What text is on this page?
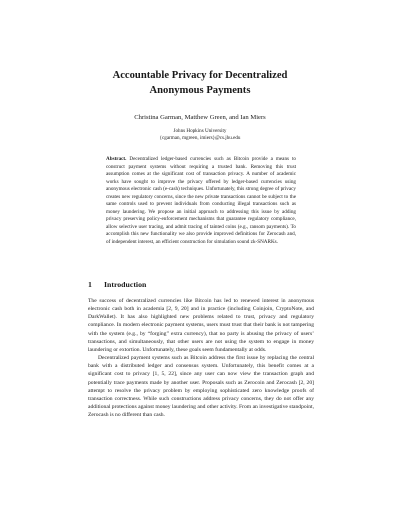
Accountable Privacy for Decentralized
Anonymous Payments
Christina Garman, Matthew Green, and Ian Miers
Johns Hopkins University
{cgarman, mgreen, imiers}@cs.jhu.edu
Abstract. Decentralized ledger-based currencies such as Bitcoin provide a means to construct payment systems without requiring a trusted bank. Removing this trust assumption comes at the significant cost of transaction privacy. A number of academic works have sought to improve the privacy offered by ledger-based currencies using anonymous electronic cash (e-cash) techniques. Unfortunately, this strong degree of privacy creates new regulatory concerns, since the new private transactions cannot be subject to the same controls used to prevent individuals from conducting illegal transactions such as money laundering. We propose an initial approach to addressing this issue by adding privacy preserving policy-enforcement mechanisms that guarantee regulatory compliance, allow selective user tracing, and admit tracing of tainted coins (e.g., ransom payments). To accomplish this new functionality we also provide improved definitions for Zerocash and, of independent interest, an efficient construction for simulation sound zk-SNARKs.
1 Introduction

The success of decentralized currencies like Bitcoin has led to renewed interest in anonymous electronic cash both in academia [2, 9, 20] and in practice (including Coinjoin, CryptoNote, and DarkWallet). It has also highlighted new problems related to trust, privacy and regulatory compliance. In modern electronic payment systems, users must trust that their bank is not tampering with the system (e.g., by “forging” extra currency), that no party is abusing the privacy of users’ transactions, and simultaneously, that other users are not using the system to engage in money laundering or extortion. Unfortunately, these goals seem fundamentally at odds.

Decentralized payment systems such as Bitcoin address the first issue by replacing the central bank with a distributed ledger and consensus system. Unfortunately, this benefit comes at a significant cost to privacy [1, 5, 22], since any user can now view the transaction graph and potentially trace payments made by another user. Proposals such as Zerocoin and Zerocash [2, 20] attempt to resolve the privacy problem by employing sophisticated zero knowledge proofs of transaction correctness. While such constructions address privacy concerns, they do not offer any additional protections against money laundering and other activity. From an investigative standpoint, Zerocash is no different than cash.
